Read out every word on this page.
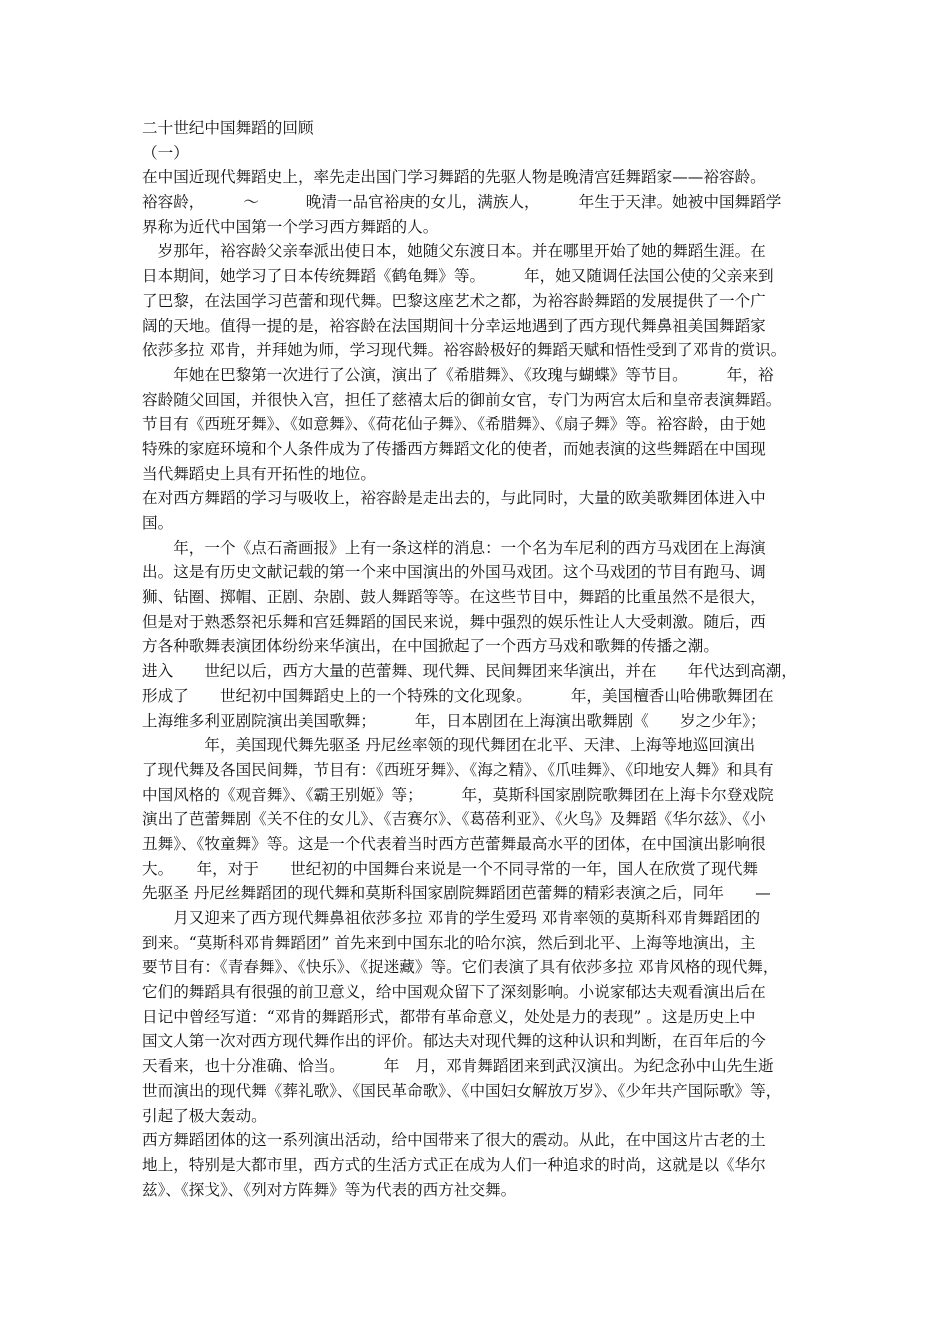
二十世纪中国舞蹈的回顾
（一）
在中国近现代舞蹈史上，率先走出国门学习舞蹈的先驱人物是晚清宫廷舞蹈家——裕容龄。
裕容龄，　　　～　　　晚清一品官裕庚的女儿，满族人，　　　年生于天津。她被中国舞蹈学
界称为近代中国第一个学习西方舞蹈的人。
　岁那年，裕容龄父亲奉派出使日本，她随父东渡日本。并在哪里开始了她的舞蹈生涯。在
日本期间，她学习了日本传统舞蹈《鹤龟舞》等。　　　年，她又随调任法国公使的父亲来到
了巴黎，在法国学习芭蕾和现代舞。巴黎这座艺术之都，为裕容龄舞蹈的发展提供了一个广
阔的天地。值得一提的是，裕容龄在法国期间十分幸运地遇到了西方现代舞鼻祖美国舞蹈家
依莎多拉 邓肯，并拜她为师，学习现代舞。裕容龄极好的舞蹈天赋和悟性受到了邓肯的赏识。
　　年她在巴黎第一次进行了公演，演出了《希腊舞》、《玫瑰与蝴蝶》等节目。　　　年，裕
容龄随父回国，并很快入宫，担任了慈禧太后的御前女官，专门为两宫太后和皇帝表演舞蹈。
节目有《西班牙舞》、《如意舞》、《荷花仙子舞》、《希腊舞》、《扇子舞》等。裕容龄，由于她
特殊的家庭环境和个人条件成为了传播西方舞蹈文化的使者，而她表演的这些舞蹈在中国现
当代舞蹈史上具有开拓性的地位。
在对西方舞蹈的学习与吸收上，裕容龄是走出去的，与此同时，大量的欧美歌舞团体进入中
国。
　　年，一个《点石斋画报》上有一条这样的消息：一个名为车尼利的西方马戏团在上海演
出。这是有历史文献记载的第一个来中国演出的外国马戏团。这个马戏团的节目有跑马、调
狮、钻圈、掷帽、正剧、杂剧、鼓人舞蹈等等。在这些节目中，舞蹈的比重虽然不是很大，
但是对于熟悉祭祀乐舞和宫廷舞蹈的国民来说，舞中强烈的娱乐性让人大受刺激。随后，西
方各种歌舞表演团体纷纷来华演出，在中国掀起了一个西方马戏和歌舞的传播之潮。
进入　　世纪以后，西方大量的芭蕾舞、现代舞、民间舞团来华演出，并在　　年代达到高潮，
形成了　　世纪初中国舞蹈史上的一个特殊的文化现象。　　　年，美国檀香山哈佛歌舞团在
上海维多利亚剧院演出美国歌舞；　　　年，日本剧团在上海演出歌舞剧《　　岁之少年》；
　　　　年，美国现代舞先驱圣 丹尼丝率领的现代舞团在北平、天津、上海等地巡回演出
了现代舞及各国民间舞，节目有：《西班牙舞》、《海之精》、《爪哇舞》、《印地安人舞》和具有
中国风格的《观音舞》、《霸王别姬》等；　　　年，莫斯科国家剧院歌舞团在上海卡尔登戏院
演出了芭蕾舞剧《关不住的女儿》、《吉赛尔》、《葛蓓利亚》、《火鸟》及舞蹈《华尔兹》、《小
丑舞》、《牧童舞》等。这是一个代表着当时西方芭蕾舞最高水平的团体，在中国演出影响很
大。　　年，对于　　世纪初的中国舞台来说是一个不同寻常的一年，国人在欣赏了现代舞
先驱圣 丹尼丝舞蹈团的现代舞和莫斯科国家剧院舞蹈团芭蕾舞的精彩表演之后，同年　　—
　　月又迎来了西方现代舞鼻祖依莎多拉 邓肯的学生爱玛 邓肯率领的莫斯科邓肯舞蹈团的
到来。“莫斯科邓肯舞蹈团” 首先来到中国东北的哈尔滨，然后到北平、上海等地演出，主
要节目有：《青春舞》、《快乐》、《捉迷藏》等。它们表演了具有依莎多拉 邓肯风格的现代舞，
它们的舞蹈具有很强的前卫意义，给中国观众留下了深刻影响。小说家郁达夫观看演出后在
日记中曾经写道：“邓肯的舞蹈形式，都带有革命意义，处处是力的表现” 。这是历史上中
国文人第一次对西方现代舞作出的评价。郁达夫对现代舞的这种认识和判断，在百年后的今
天看来，也十分准确、恰当。　　　年　月，邓肯舞蹈团来到武汉演出。为纪念孙中山先生逝
世而演出的现代舞《葬礼歌》、《国民革命歌》、《中国妇女解放万岁》、《少年共产国际歌》等，
引起了极大轰动。
西方舞蹈团体的这一系列演出活动，给中国带来了很大的震动。从此，在中国这片古老的土
地上，特别是大都市里，西方式的生活方式正在成为人们一种追求的时尚，这就是以《华尔
兹》、《探戈》、《列对方阵舞》等为代表的西方社交舞。
